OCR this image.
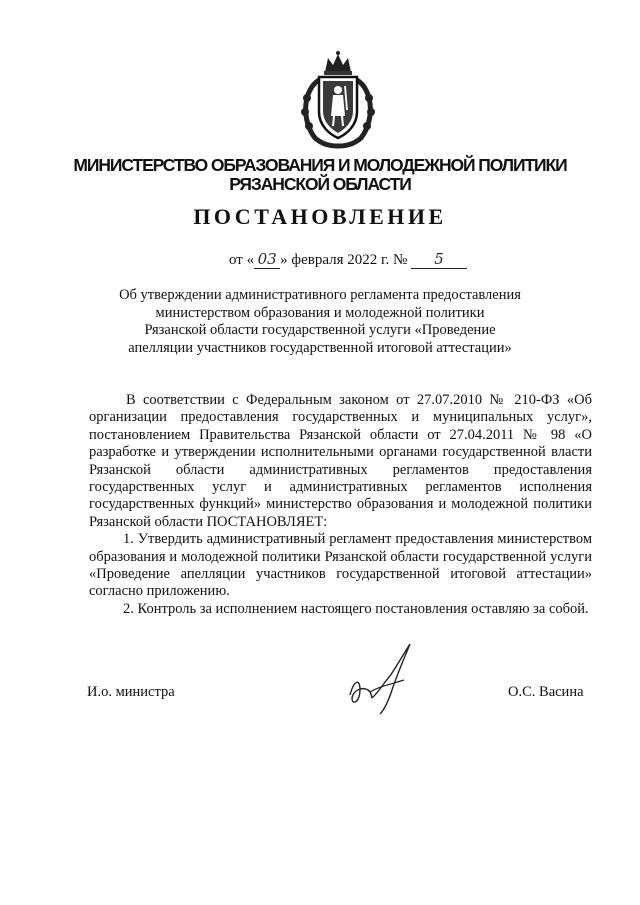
МИНИСТЕРСТВО ОБРАЗОВАНИЯ И МОЛОДЕЖНОЙ ПОЛИТИКИ
РЯЗАНСКОЙ ОБЛАСТИ
ПОСТАНОВЛЕНИЕ
от « 03 » февраля 2022 г. № 5
Об утверждении административного регламента предоставления
министерством образования и молодежной политики
Рязанской области государственной услуги «Проведение
апелляции участников государственной итоговой аттестации»

В соответствии с Федеральным законом от 27.07.2010 № 210-ФЗ «Об организации предоставления государственных и муниципальных услуг», постановлением Правительства Рязанской области от 27.04.2011 № 98 «О разработке и утверждении исполнительными органами государственной власти Рязанской области административных регламентов предоставления государственных услуг и административных регламентов исполнения государственных функций» министерство образования и молодежной политики Рязанской области ПОСТАНОВЛЯЕТ:

1. Утвердить административный регламент предоставления министерством образования и молодежной политики Рязанской области государственной услуги «Проведение апелляции участников государственной итоговой аттестации» согласно приложению.

2. Контроль за исполнением настоящего постановления оставляю за собой.

И.о. министра	О.С. Васина
